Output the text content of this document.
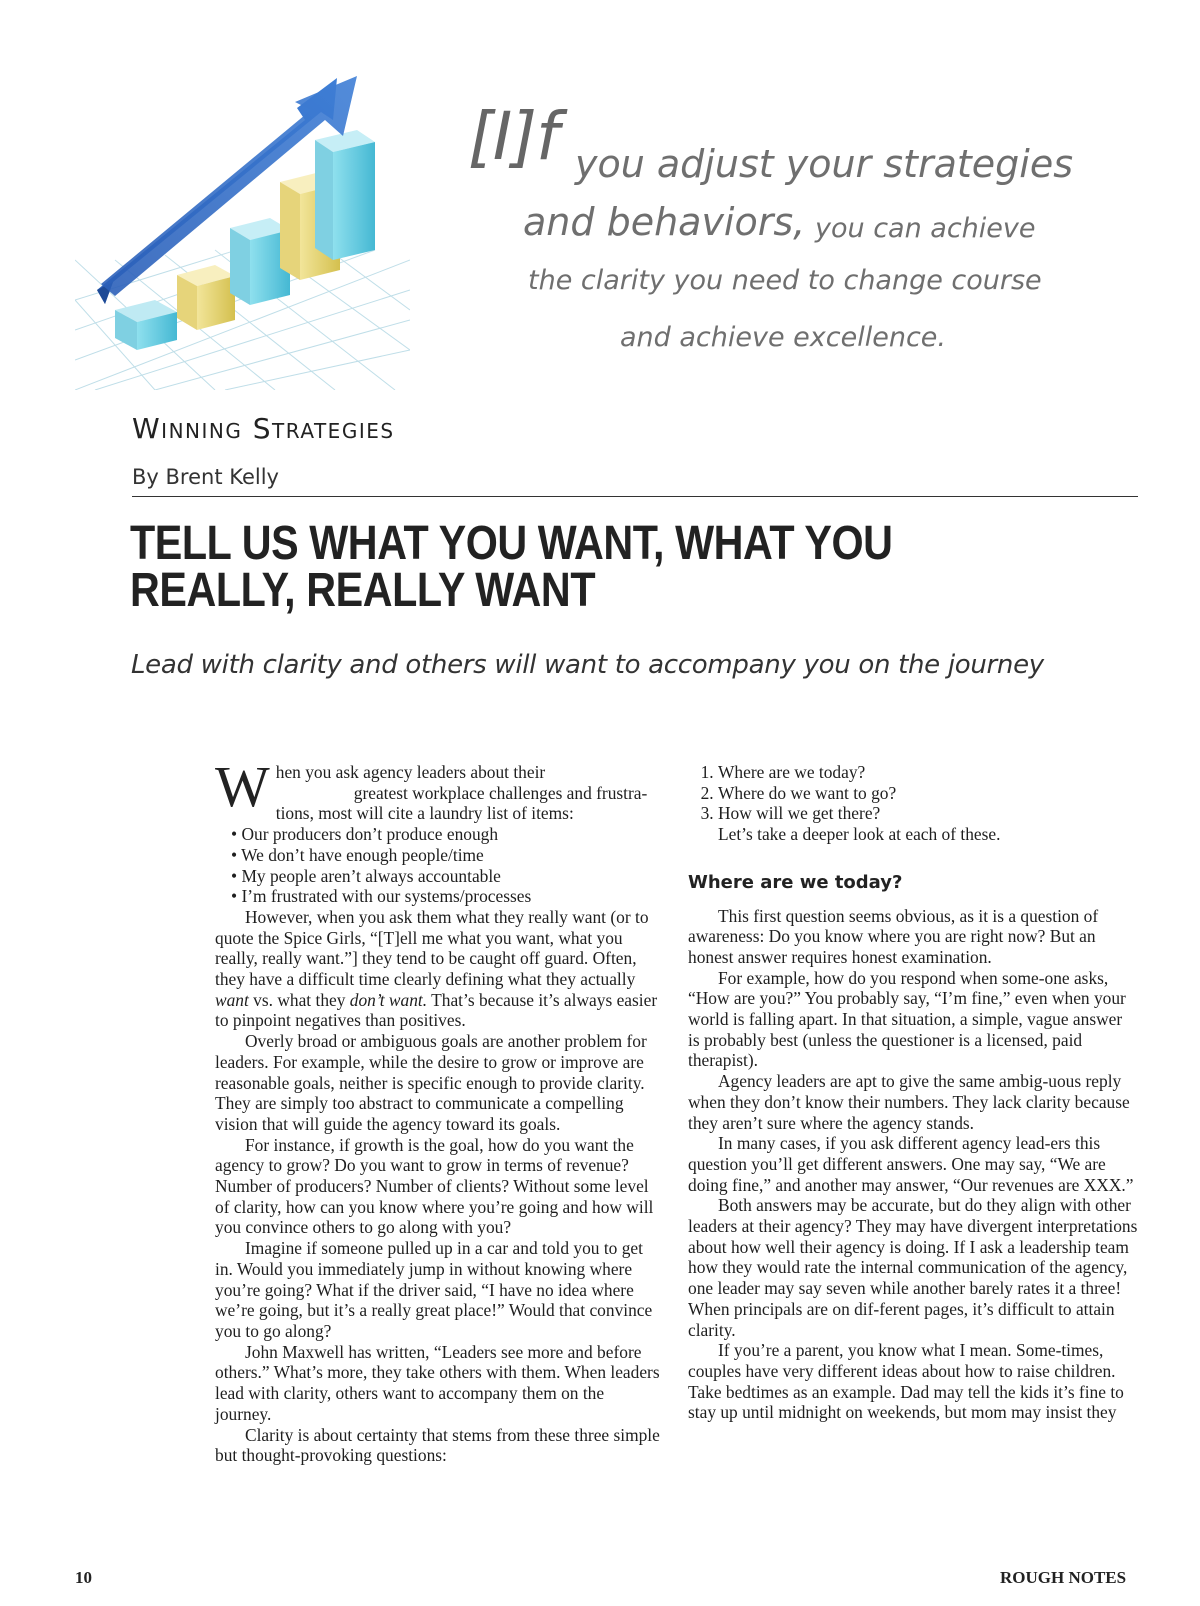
[I]f you adjust your strategies
and behaviors, you can achieve
the clarity you need to change course
and achieve excellence.
Winning Strategies
By Brent Kelly
TELL US WHAT YOU WANT, WHAT YOU REALLY, REALLY WANT
Lead with clarity and others will want to accompany you on the journey

When you ask agency leaders about their
greatest workplace challenges and frustra-
tions, most will cite a laundry list of items:

• Our producers don’t produce enough
• We don’t have enough people/time
• My people aren’t always accountable
• I’m frustrated with our systems/processes

However, when you ask them what they really want (or to quote the Spice Girls, “[T]ell me what you want, what you really, really want.”] they tend to be caught off guard. Often, they have a difficult time clearly defining what they actually want vs. what they don’t want. That’s because it’s always easier to pinpoint negatives than positives.

Overly broad or ambiguous goals are another problem for leaders. For example, while the desire to grow or improve are reasonable goals, neither is specific enough to provide clarity. They are simply too abstract to communicate a compelling vision that will guide the agency toward its goals.

For instance, if growth is the goal, how do you want the agency to grow? Do you want to grow in terms of revenue? Number of producers? Number of clients? Without some level of clarity, how can you know where you’re going and how will you convince others to go along with you?

Imagine if someone pulled up in a car and told you to get in. Would you immediately jump in without knowing where you’re going? What if the driver said, “I have no idea where we’re going, but it’s a really great place!” Would that convince you to go along?

John Maxwell has written, “Leaders see more and before others.” What’s more, they take others with them. When leaders lead with clarity, others want to accompany them on the journey.

Clarity is about certainty that stems from these three simple but thought-provoking questions:

1. Where are we today?
2. Where do we want to go?
3. How will we get there?

Let’s take a deeper look at each of these.

Where are we today?

This first question seems obvious, as it is a question of awareness: Do you know where you are right now? But an honest answer requires honest examination.

For example, how do you respond when some-one asks, “How are you?” You probably say, “I’m fine,” even when your world is falling apart. In that situation, a simple, vague answer is probably best (unless the questioner is a licensed, paid therapist).

Agency leaders are apt to give the same ambig-uous reply when they don’t know their numbers. They lack clarity because they aren’t sure where the agency stands.

In many cases, if you ask different agency lead-ers this question you’ll get different answers. One may say, “We are doing fine,” and another may answer, “Our revenues are XXX.”

Both answers may be accurate, but do they align with other leaders at their agency? They may have divergent interpretations about how well their agency is doing. If I ask a leadership team how they would rate the internal communication of the agency, one leader may say seven while another barely rates it a three! When principals are on dif-ferent pages, it’s difficult to attain clarity.

If you’re a parent, you know what I mean. Some-times, couples have very different ideas about how to raise children. Take bedtimes as an example. Dad may tell the kids it’s fine to stay up until midnight on weekends, but mom may insist they

10	ROUGH NOTES
